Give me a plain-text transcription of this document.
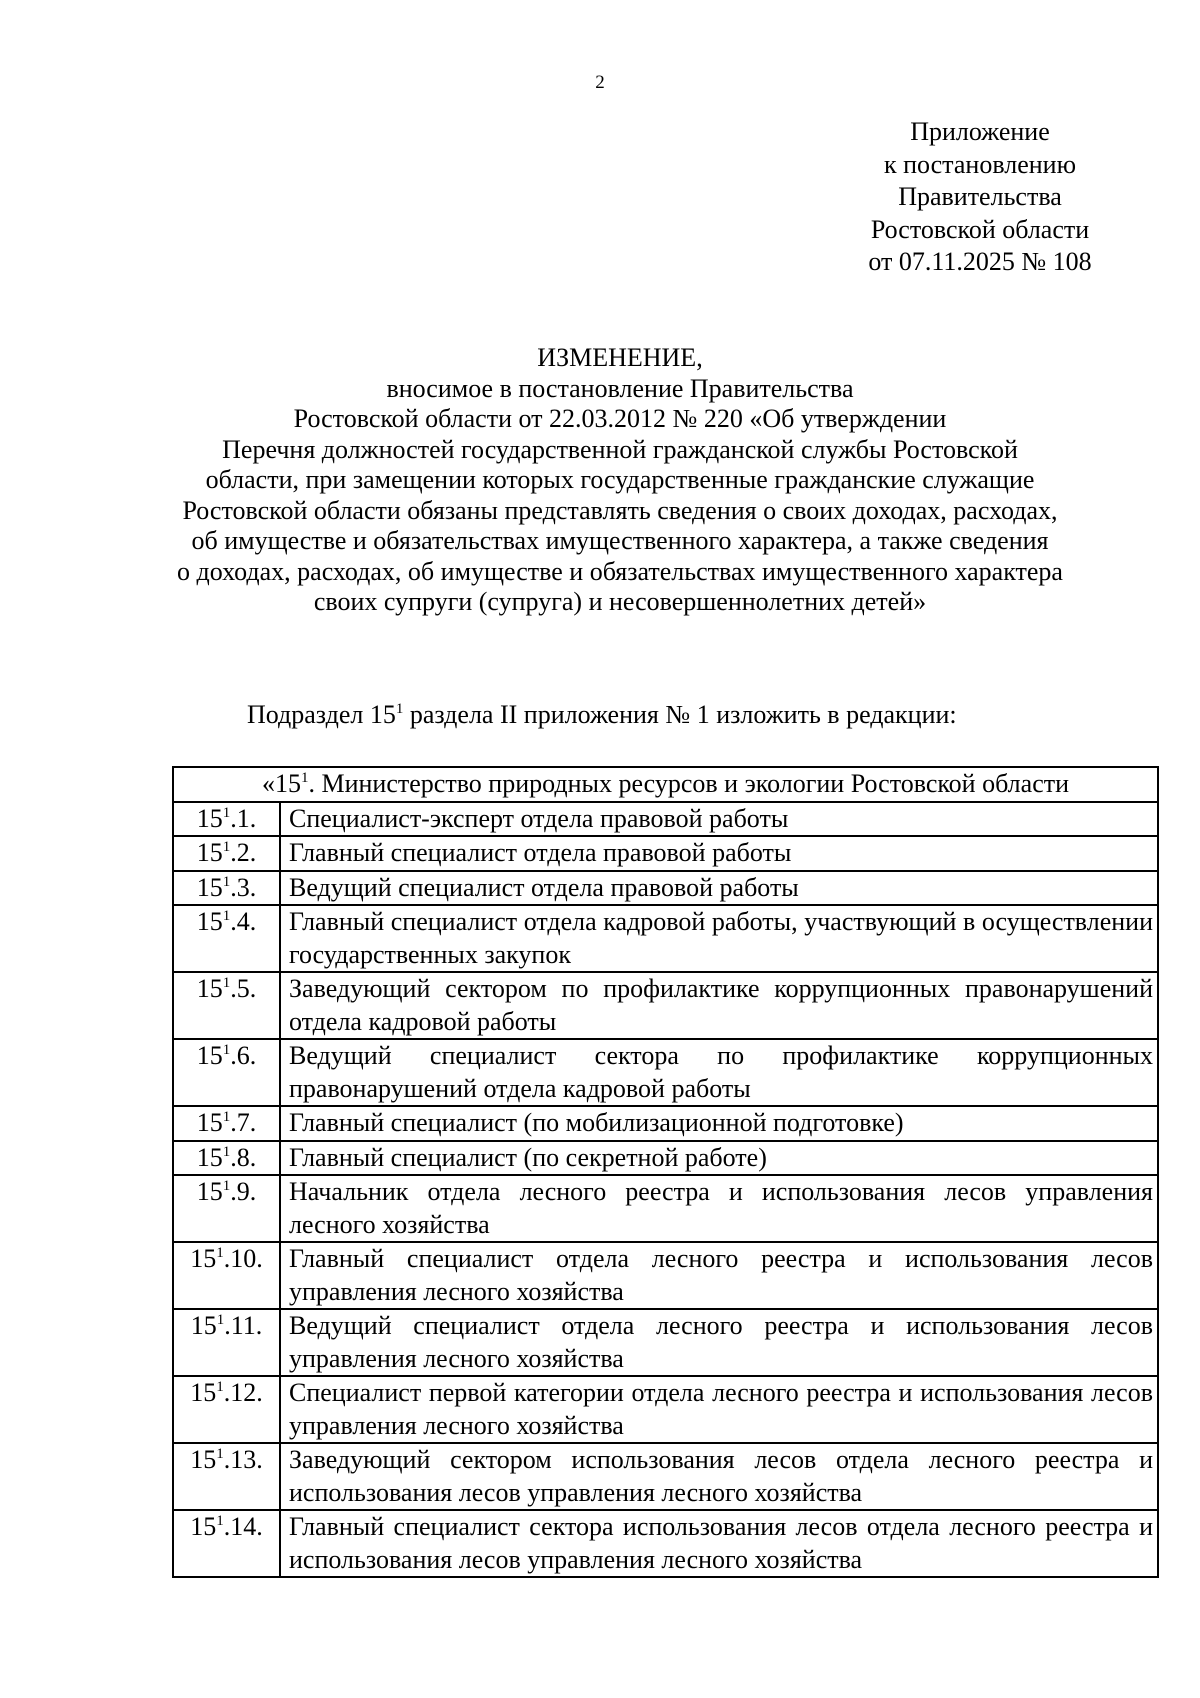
2
Приложение
к постановлению
Правительства
Ростовской области
от 07.11.2025 № 108
ИЗМЕНЕНИЕ,
вносимое в постановление Правительства
Ростовской области от 22.03.2012 № 220 «Об утверждении
Перечня должностей государственной гражданской службы Ростовской
области, при замещении которых государственные гражданские служащие
Ростовской области обязаны представлять сведения о своих доходах, расходах,
об имуществе и обязательствах имущественного характера, а также сведения
о доходах, расходах, об имуществе и обязательствах имущественного характера
своих супруги (супруга) и несовершеннолетних детей»
Подраздел $15^1$ раздела II приложения № 1 изложить в редакции:
«$15^1$. Министерство природных ресурсов и экологии Ростовской области	
$15^1.1$.	Специалист-эксперт отдела правовой работы
$15^1.2$.	Главный специалист отдела правовой работы
$15^1.3$.	Ведущий специалист отдела правовой работы
$15^1.4$.	Главный специалист отдела кадровой работы, участвующий в осуществлении государственных закупок
$15^1.5$.	Заведующий сектором по профилактике коррупционных правонарушений отдела кадровой работы
$15^1.6$.	Ведущий специалист сектора по профилактике коррупционных правонарушений отдела кадровой работы
$15^1.7$.	Главный специалист (по мобилизационной подготовке)
$15^1.8$.	Главный специалист (по секретной работе)
$15^1.9$.	Начальник отдела лесного реестра и использования лесов управления лесного хозяйства
$15^1.10$.	Главный специалист отдела лесного реестра и использования лесов управления лесного хозяйства
$15^1.11$.	Ведущий специалист отдела лесного реестра и использования лесов управления лесного хозяйства
$15^1.12$.	Специалист первой категории отдела лесного реестра и использования лесов управления лесного хозяйства
$15^1.13$.	Заведующий сектором использования лесов отдела лесного реестра и использования лесов управления лесного хозяйства
$15^1.14$.	Главный специалист сектора использования лесов отдела лесного реестра и использования лесов управления лесного хозяйства
